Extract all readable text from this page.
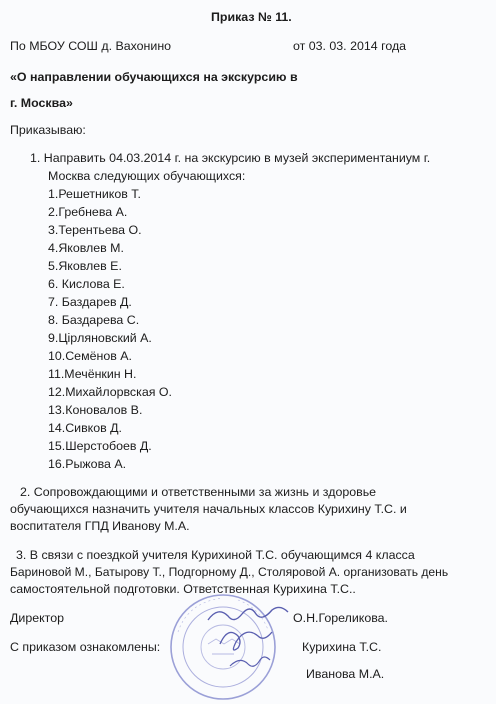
Приказ № 11.
По МБОУ СОШ д. Вахонино	от 03. 03. 2014 года
«О направлении обучающихся на экскурсию в
г. Москва»
Приказываю:
1. Направить 04.03.2014 г. на экскурсию в музей экспериментаниум г.
Москва следующих обучающихся:
1.Решетников Т.
2.Гребнева А.
3.Терентьева О.
4.Яковлев М.
5.Яковлев Е.
6. Кислова Е.
7. Баздарев Д.
8. Баздарева С.
9.Цipляновский А.
10.Семёнов А.
11.Мечёнкин Н.
12.Михайлорвская О.
13.Коновалов В.
14.Сивков Д.
15.Шерстобоев Д.
16.Рыжова А.
2. Сопровождающими и ответственными за жизнь и здоровье
обучающихся назначить учителя начальных классов Курихину Т.С. и
воспитателя ГПД Иванову М.А.
3. В связи с поездкой учителя Курихиной Т.С. обучающимся 4 класса
Бариновой М., Батырову Т., Подгорному Д., Столяровой А. организовать день
самостоятельной подготовки. Ответственная Курихина Т.С..
Директор	О.Н.Гореликова.
С приказом ознакомлены:	Курихина Т.С.
Иванова М.А.
